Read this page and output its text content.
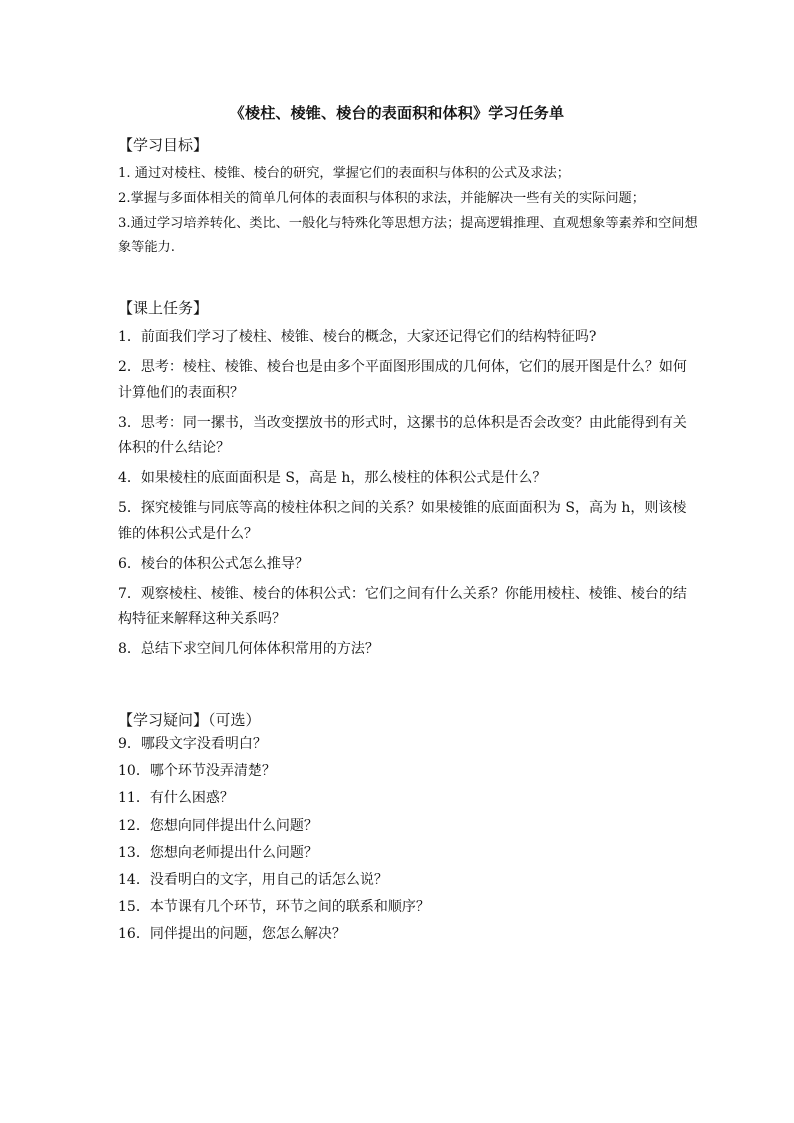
《棱柱、棱锥、棱台的表面积和体积》学习任务单

【学习目标】

1. 通过对棱柱、棱锥、棱台的研究，掌握它们的表面积与体积的公式及求法；

2.掌握与多面体相关的简单几何体的表面积与体积的求法，并能解决一些有关的实际问题；

3.通过学习培养转化、类比、一般化与特殊化等思想方法；提高逻辑推理、直观想象等素养和空间想象等能力.

【课上任务】

1．前面我们学习了棱柱、棱锥、棱台的概念，大家还记得它们的结构特征吗?

2．思考：棱柱、棱锥、棱台也是由多个平面图形围成的几何体，它们的展开图是什么？如何计算他们的表面积？

3．思考：同一摞书，当改变摆放书的形式时，这摞书的总体积是否会改变？由此能得到有关体积的什么结论？

4．如果棱柱的底面面积是 S，高是 h，那么棱柱的体积公式是什么？

5．探究棱锥与同底等高的棱柱体积之间的关系？如果棱锥的底面面积为 S，高为 h，则该棱锥的体积公式是什么？

6．棱台的体积公式怎么推导？

7．观察棱柱、棱锥、棱台的体积公式：它们之间有什么关系？你能用棱柱、棱锥、棱台的结构特征来解释这种关系吗？

8．总结下求空间几何体体积常用的方法？

【学习疑问】（可选）

9．哪段文字没看明白？

10．哪个环节没弄清楚？

11．有什么困惑？

12．您想向同伴提出什么问题？

13．您想向老师提出什么问题？

14．没看明白的文字，用自己的话怎么说？

15．本节课有几个环节，环节之间的联系和顺序？

16．同伴提出的问题，您怎么解决？
